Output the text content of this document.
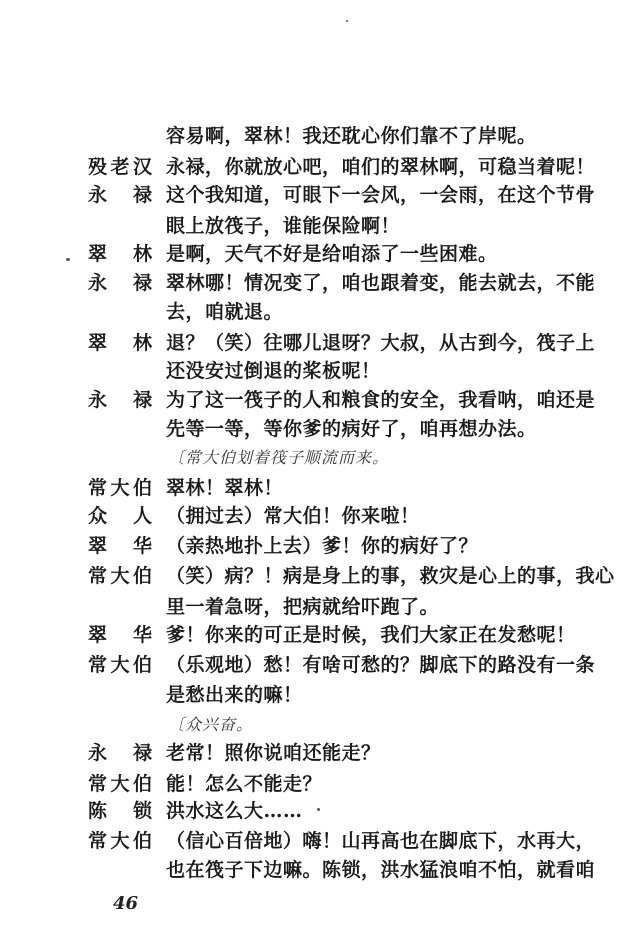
容易啊，翠林！我还耽心你们靠不了岸呢。
殁老汉 永禄，你就放心吧，咱们的翠林啊，可稳当着呢！
永　禄 这个我知道，可眼下一会风，一会雨，在这个节骨
眼上放筏子，谁能保险啊！
翠　林 是啊，天气不好是给咱添了一些困难。
永　禄 翠林哪！情况变了，咱也跟着变，能去就去，不能
去，咱就退。
翠　林 退？（笑）往哪儿退呀？大叔，从古到今，筏子上
还没安过倒退的桨板呢！
永　禄 为了这一筏子的人和粮食的安全，我看呐，咱还是
先等一等，等你爹的病好了，咱再想办法。
〔常大伯划着筏子顺流而来。
常大伯 翠林！翠林！
众　人 （拥过去）常大伯！你来啦！
翠　华 （亲热地扑上去）爹！你的病好了？
常大伯 （笑）病？！病是身上的事，救灾是心上的事，我心
里一着急呀，把病就给吓跑了。
翠　华 爹！你来的可正是时候，我们大家正在发愁呢！
常大伯 （乐观地）愁！有啥可愁的？脚底下的路没有一条
是愁出来的嘛！
〔众兴奋。
永　禄 老常！照你说咱还能走？
常大伯 能！怎么不能走？
陈　锁 洪水这么大……
常大伯 （信心百倍地）嗨！山再高也在脚底下，水再大，
也在筏子下边嘛。陈锁，洪水猛浪咱不怕，就看咱
46
